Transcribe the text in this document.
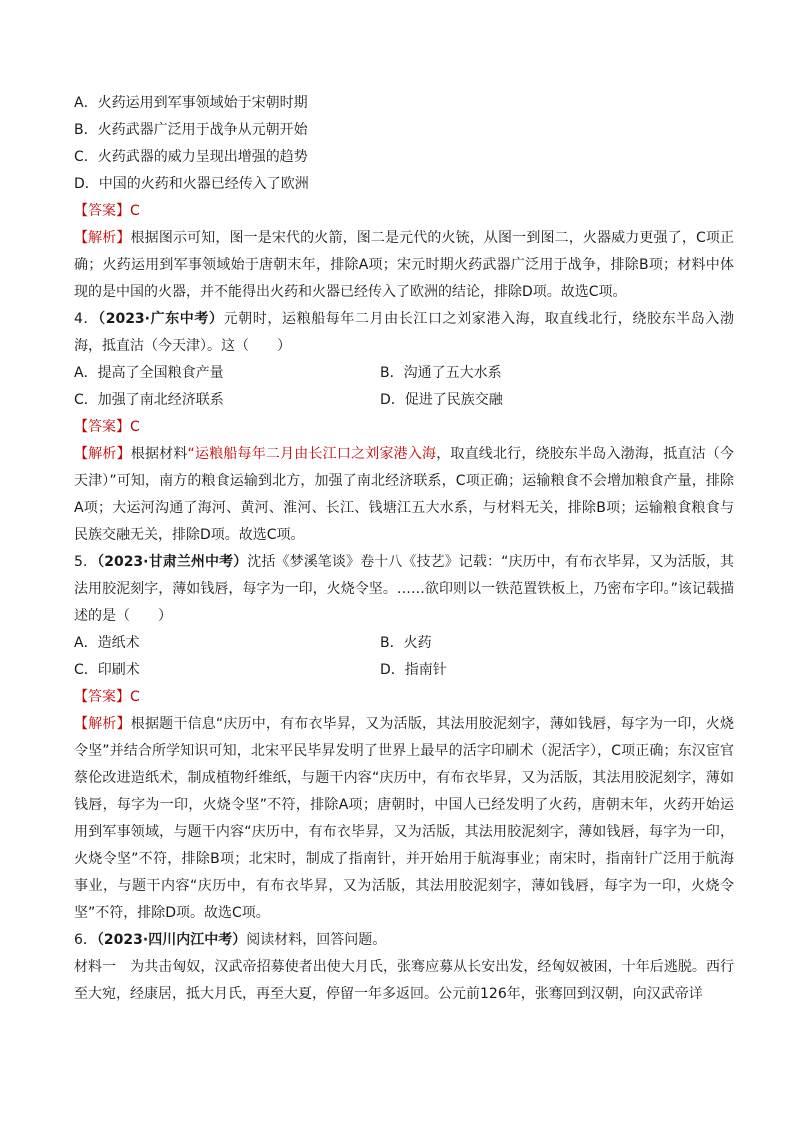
A．火药运用到军事领域始于宋朝时期
B．火药武器广泛用于战争从元朝开始
C．火药武器的威力呈现出增强的趋势
D．中国的火药和火器已经传入了欧洲
【答案】C
【解析】根据图示可知，图一是宋代的火箭，图二是元代的火铳，从图一到图二，火器威力更强了，C项正确；火药运用到军事领域始于唐朝末年，排除A项；宋元时期火药武器广泛用于战争，排除B项；材料中体现的是中国的火器，并不能得出火药和火器已经传入了欧洲的结论，排除D项。故选C项。
4．（2023·广东中考）元朝时，运粮船每年二月由长江口之刘家港入海，取直线北行，绕胶东半岛入渤海，抵直沽（今天津）。这（　　）
A．提高了全国粮食产量	B．沟通了五大水系
C．加强了南北经济联系	D．促进了民族交融
【答案】C
【解析】根据材料“运粮船每年二月由长江口之刘家港入海，取直线北行，绕胶东半岛入渤海，抵直沽（今天津）”可知，南方的粮食运输到北方，加强了南北经济联系，C项正确；运输粮食不会增加粮食产量，排除A项；大运河沟通了海河、黄河、淮河、长江、钱塘江五大水系，与材料无关，排除B项；运输粮食粮食与民族交融无关，排除D项。故选C项。
5．（2023·甘肃兰州中考）沈括《梦溪笔谈》卷十八《技艺》记载：“庆历中，有布衣毕昇，又为活版，其法用胶泥刻字，薄如钱唇，每字为一印，火烧令坚。……欲印则以一铁范置铁板上，乃密布字印。”该记载描述的是（　　）
A．造纸术	B．火药
C．印刷术	D．指南针
【答案】C
【解析】根据题干信息“庆历中，有布衣毕昇，又为活版，其法用胶泥刻字，薄如钱唇，每字为一印，火烧令坚”并结合所学知识可知，北宋平民毕昇发明了世界上最早的活字印刷术（泥活字），C项正确；东汉宦官蔡伦改进造纸术，制成植物纤维纸，与题干内容“庆历中，有布衣毕昇，又为活版，其法用胶泥刻字，薄如钱唇，每字为一印，火烧令坚”不符，排除A项；唐朝时，中国人已经发明了火药，唐朝末年，火药开始运用到军事领域，与题干内容“庆历中，有布衣毕昇，又为活版，其法用胶泥刻字，薄如钱唇，每字为一印，火烧令坚”不符，排除B项；北宋时，制成了指南针，并开始用于航海事业；南宋时，指南针广泛用于航海事业，与题干内容“庆历中，有布衣毕昇，又为活版，其法用胶泥刻字，薄如钱唇，每字为一印，火烧令坚”不符，排除D项。故选C项。
6．（2023·四川内江中考）阅读材料，回答问题。
材料一　为共击匈奴，汉武帝招募使者出使大月氏，张骞应募从长安出发，经匈奴被困，十年后逃脱。西行至大宛，经康居，抵大月氏，再至大夏，停留一年多返回。公元前126年，张骞回到汉朝，向汉武帝详
